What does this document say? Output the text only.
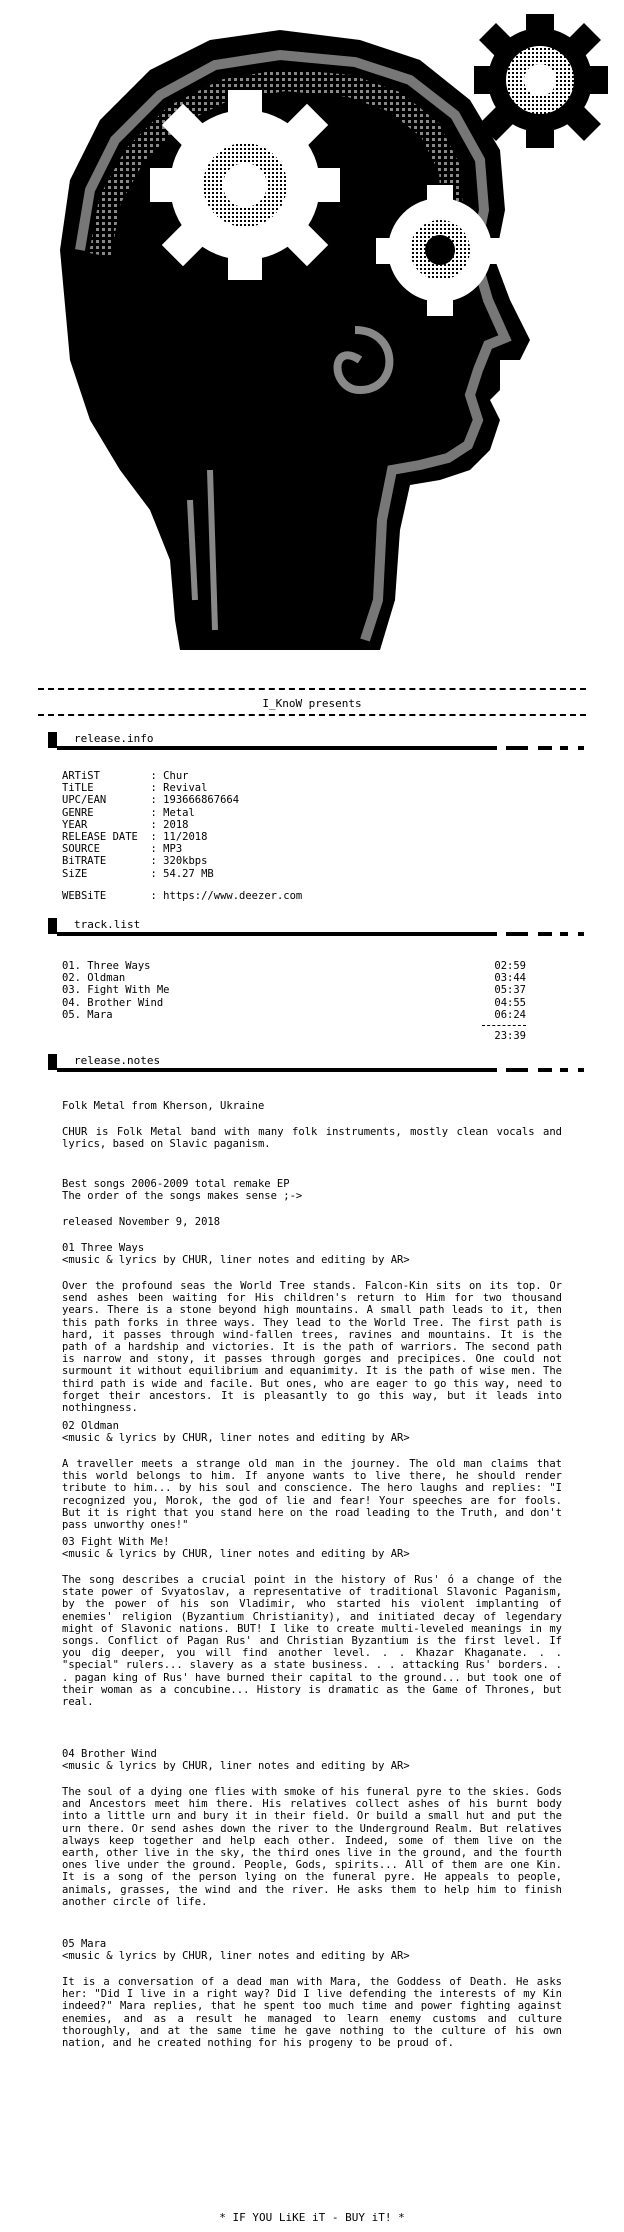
I_KnoW presents
release.info
ARTiST        : Chur
TiTLE         : Revival
UPC/EAN       : 193666867664
GENRE         : Metal
YEAR          : 2018
RELEASE DATE  : 11/2018
SOURCE        : MP3
BiTRATE       : 320kbps
SiZE          : 54.27 MB
WEBSiTE       : https://www.deezer.com
track.list
01. Three Ways	02:59
02. Oldman	03:44
03. Fight With Me	05:37
04. Brother Wind	04:55
05. Mara	06:24
23:39
release.notes
Folk Metal from Kherson, Ukraine
CHUR is Folk Metal band with many folk instruments, mostly clean vocals and lyrics, based on Slavic paganism.
Best songs 2006-2009 total remake EP
The order of the songs makes sense ;->
released November 9, 2018
01 Three Ways
<music & lyrics by CHUR, liner notes and editing by AR>
Over the profound seas the World Tree stands. Falcon-Kin sits on its top. Or send ashes been waiting for His children's return to Him for two thousand years. There is a stone beyond high mountains. A small path leads to it, then this path forks in three ways. They lead to the World Tree. The first path is hard, it passes through wind-fallen trees, ravines and mountains. It is the path of a hardship and victories. It is the path of warriors. The second path is narrow and stony, it passes through gorges and precipices. One could not surmount it without equilibrium and equanimity. It is the path of wise men. The third path is wide and facile. But ones, who are eager to go this way, need to forget their ancestors. It is pleasantly to go this way, but it leads into nothingness.
02 Oldman
<music & lyrics by CHUR, liner notes and editing by AR>
A traveller meets a strange old man in the journey. The old man claims that this world belongs to him. If anyone wants to live there, he should render tribute to him... by his soul and conscience. The hero laughs and replies: "I recognized you, Morok, the god of lie and fear! Your speeches are for fools. But it is right that you stand here on the road leading to the Truth, and don't pass unworthy ones!"
03 Fight With Me!
<music & lyrics by CHUR, liner notes and editing by AR>
The song describes a crucial point in the history of Rus' ó a change of the state power of Svyatoslav, a representative of traditional Slavonic Paganism, by the power of his son Vladimir, who started his violent implanting of enemies' religion (Byzantium Christianity), and initiated decay of legendary might of Slavonic nations. BUT! I like to create multi-leveled meanings in my songs. Conflict of Pagan Rus' and Christian Byzantium is the first level. If you dig deeper, you will find another level. . . Khazar Khaganate. . . "special" rulers... slavery as a state business. . . attacking Rus' borders. . . pagan king of Rus' have burned their capital to the ground... but took one of their woman as a concubine... History is dramatic as the Game of Thrones, but real.
04 Brother Wind
<music & lyrics by CHUR, liner notes and editing by AR>
The soul of a dying one flies with smoke of his funeral pyre to the skies. Gods and Ancestors meet him there. His relatives collect ashes of his burnt body into a little urn and bury it in their field. Or build a small hut and put the urn there. Or send ashes down the river to the Underground Realm. But relatives always keep together and help each other. Indeed, some of them live on the earth, other live in the sky, the third ones live in the ground, and the fourth ones live under the ground. People, Gods, spirits... All of them are one Kin. It is a song of the person lying on the funeral pyre. He appeals to people, animals, grasses, the wind and the river. He asks them to help him to finish another circle of life.
05 Mara
<music & lyrics by CHUR, liner notes and editing by AR>
It is a conversation of a dead man with Mara, the Goddess of Death. He asks her: "Did I live in a right way? Did I live defending the interests of my Kin indeed?" Mara replies, that he spent too much time and power fighting against enemies, and as a result he managed to learn enemy customs and culture thoroughly, and at the same time he gave nothing to the culture of his own nation, and he created nothing for his progeny to be proud of.
* IF YOU LiKE iT - BUY iT! *
